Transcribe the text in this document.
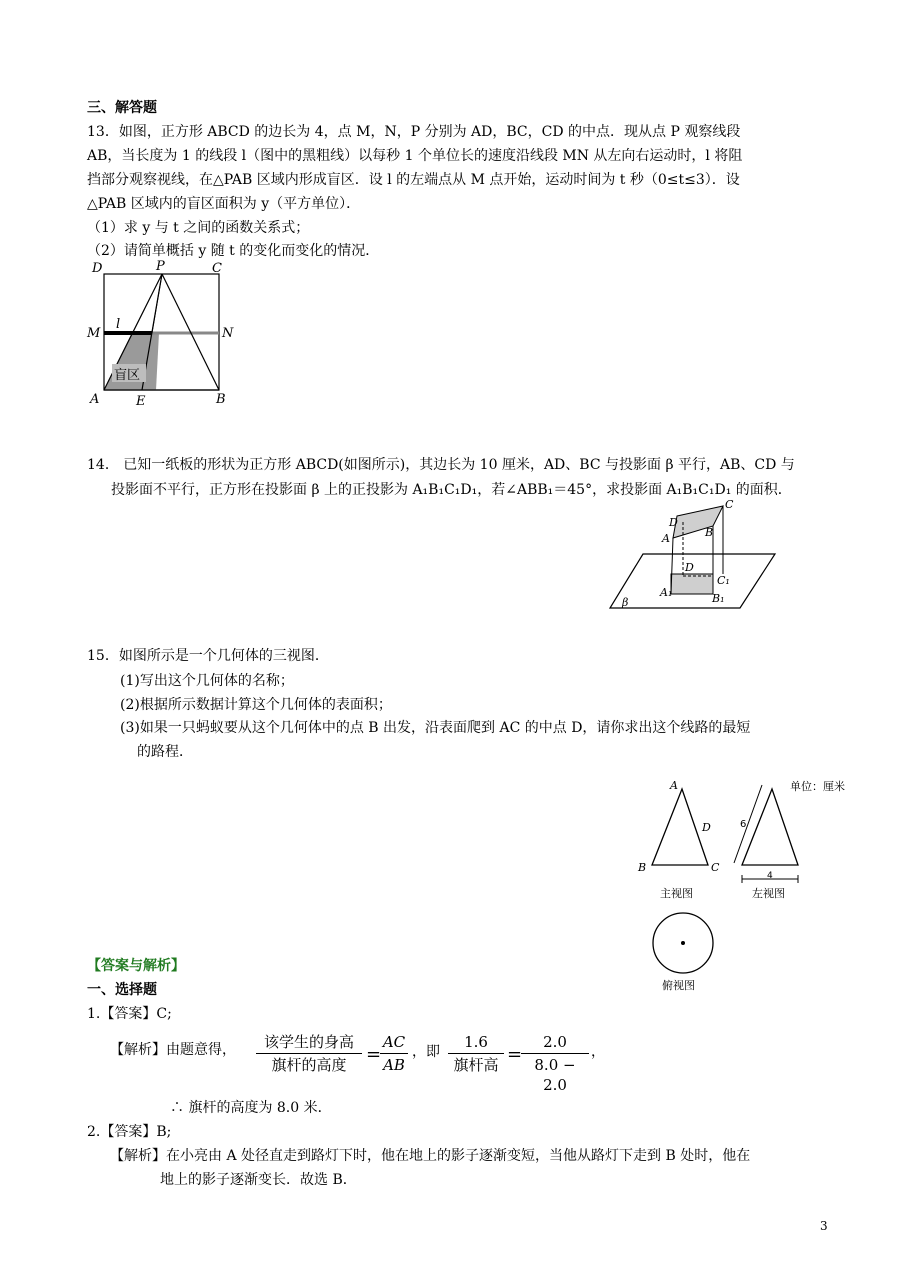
三、解答题
13．如图，正方形 ABCD 的边长为 4，点 M，N，P 分别为 AD，BC，CD 的中点．现从点 P 观察线段
AB，当长度为 1 的线段 l（图中的黑粗线）以每秒 1 个单位长的速度沿线段 MN 从左向右运动时，l 将阻
挡部分观察视线，在△PAB 区域内形成盲区．设 l 的左端点从 M 点开始，运动时间为 t 秒（0≤t≤3）．设
△PAB 区域内的盲区面积为 y（平方单位）．
（1）求 y 与 t 之间的函数关系式；
（2）请简单概括 y 随 t 的变化而变化的情况．
D	P	C
M
l
N
盲区
A	E	B
14． 已知一纸板的形状为正方形 ABCD(如图所示)，其边长为 10 厘米，AD、BC 与投影面 β 平行，AB、CD 与
投影面不平行，正方形在投影面 β 上的正投影为 A₁B₁C₁D₁，若∠ABB₁＝45°，求投影面 A₁B₁C₁D₁ 的面积．
C
D
B
A
D
C₁
A₁	B₁
β
15．如图所示是一个几何体的三视图．
(1)写出这个几何体的名称；
(2)根据所示数据计算这个几何体的表面积；
(3)如果一只蚂蚁要从这个几何体中的点 B 出发，沿表面爬到 AC 的中点 D，请你求出这个线路的最短
的路程．
单位：厘米
A
D
B	C
主视图
6
4
左视图
俯视图
【答案与解析】
一、选择题
1.【答案】C;
【解析】由题意得，	该学生的身高
旗杆的高度	=
AC
AB
，即
1.6
旗杆高 =
2.0
8.0 − 2.0
，
∴ 旗杆的高度为 8.0 米．
2.【答案】B;
【解析】在小亮由 A 处径直走到路灯下时，他在地上的影子逐渐变短，当他从路灯下走到 B 处时，他在
地上的影子逐渐变长．故选 B．
3
